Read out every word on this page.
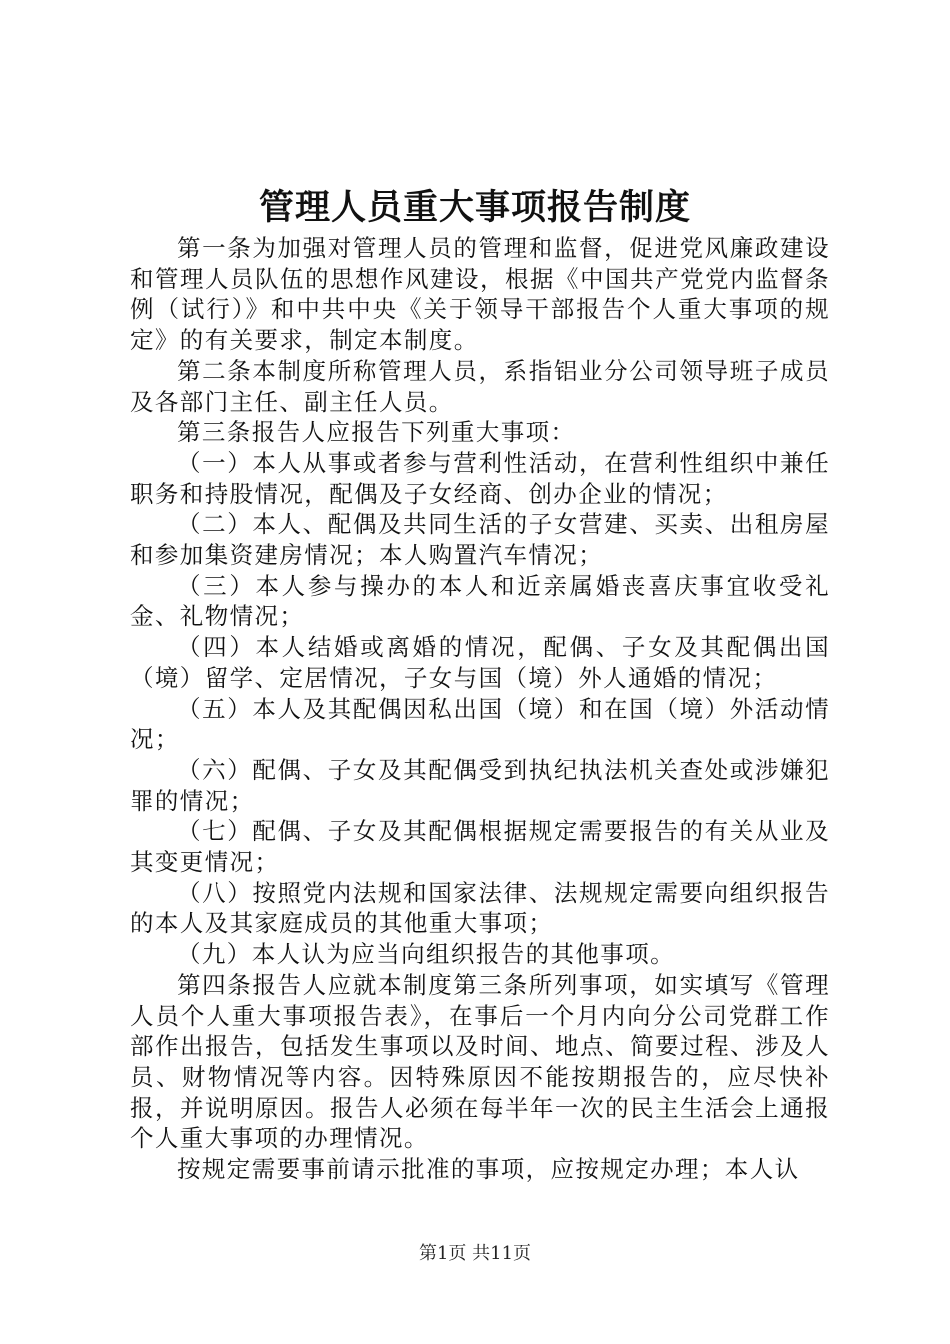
管理人员重大事项报告制度

第一条为加强对管理人员的管理和监督，促进党风廉政建设和管理人员队伍的思想作风建设，根据《中国共产党党内监督条例（试行）》和中共中央《关于领导干部报告个人重大事项的规定》的有关要求，制定本制度。

第二条本制度所称管理人员，系指铝业分公司领导班子成员及各部门主任、副主任人员。

第三条报告人应报告下列重大事项：

（一）本人从事或者参与营利性活动，在营利性组织中兼任职务和持股情况，配偶及子女经商、创办企业的情况；

（二）本人、配偶及共同生活的子女营建、买卖、出租房屋和参加集资建房情况；本人购置汽车情况；

（三）本人参与操办的本人和近亲属婚丧喜庆事宜收受礼金、礼物情况；

（四）本人结婚或离婚的情况，配偶、子女及其配偶出国（境）留学、定居情况，子女与国（境）外人通婚的情况；

（五）本人及其配偶因私出国（境）和在国（境）外活动情况；

（六）配偶、子女及其配偶受到执纪执法机关查处或涉嫌犯罪的情况；

（七）配偶、子女及其配偶根据规定需要报告的有关从业及其变更情况；

（八）按照党内法规和国家法律、法规规定需要向组织报告的本人及其家庭成员的其他重大事项；

（九）本人认为应当向组织报告的其他事项。

第四条报告人应就本制度第三条所列事项，如实填写《管理人员个人重大事项报告表》，在事后一个月内向分公司党群工作部作出报告，包括发生事项以及时间、地点、简要过程、涉及人员、财物情况等内容。因特殊原因不能按期报告的，应尽快补报，并说明原因。报告人必须在每半年一次的民主生活会上通报个人重大事项的办理情况。

按规定需要事前请示批准的事项，应按规定办理；本人认

第1页 共11页
